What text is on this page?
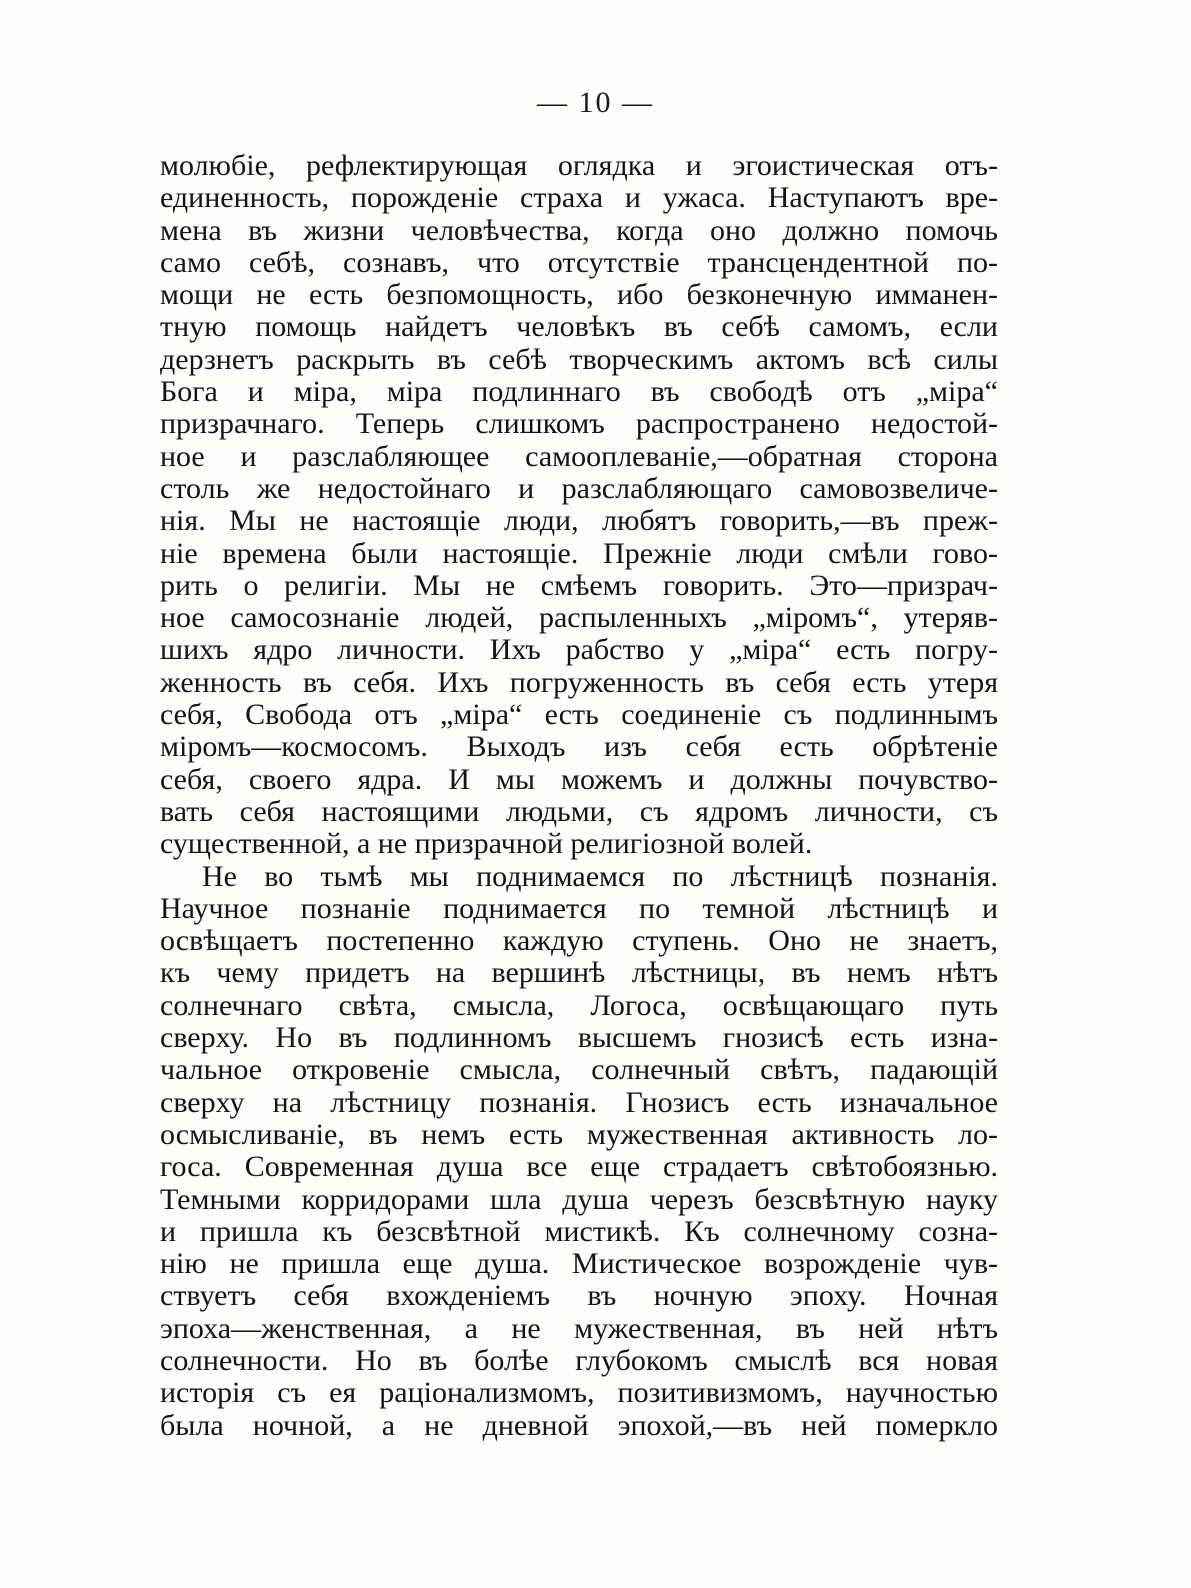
— 10 —
молюбіе, рефлектирующая оглядка и эгоистическая отъ-
единенность, порожденіе страха и ужаса. Наступаютъ вре-
мена въ жизни человѣчества, когда оно должно помочь
само себѣ, сознавъ, что отсутствіе трансцендентной по-
мощи не есть безпомощность, ибо безконечную имманен-
тную помощь найдетъ человѣкъ въ себѣ самомъ, если
дерзнетъ раскрыть въ себѣ творческимъ актомъ всѣ силы
Бога и міра, міра подлиннаго въ свободѣ отъ „міра“
призрачнаго. Теперь слишкомъ распространено недостой-
ное и разслабляющее самооплеваніе,—обратная сторона
столь же недостойнаго и разслабляющаго самовозвеличе-
нія. Мы не настоящіе люди, любятъ говорить,—въ преж-
ніе времена были настоящіе. Прежніе люди смѣли гово-
рить о религіи. Мы не смѣемъ говорить. Это—призрач-
ное самосознаніе людей, распыленныхъ „міромъ“, утеряв-
шихъ ядро личности. Ихъ рабство у „міра“ есть погру-
женность въ себя. Ихъ погруженность въ себя есть утеря
себя, Свобода отъ „міра“ есть соединеніе съ подлиннымъ
міромъ—космосомъ. Выходъ изъ себя есть обрѣтеніе
себя, своего ядра. И мы можемъ и должны почувство-
вать себя настоящими людьми, съ ядромъ личности, съ
существенной, а не призрачной религіозной волей.
Не во тьмѣ мы поднимаемся по лѣстницѣ познанія.
Научное познаніе поднимается по темной лѣстницѣ и
освѣщаетъ постепенно каждую ступень. Оно не знаетъ,
къ чему придетъ на вершинѣ лѣстницы, въ немъ нѣтъ
солнечнаго свѣта, смысла, Логоса, освѣщающаго путь
сверху. Но въ подлинномъ высшемъ гнозисѣ есть изна-
чальное откровеніе смысла, солнечный свѣтъ, падающій
сверху на лѣстницу познанія. Гнозисъ есть изначальное
осмысливаніе, въ немъ есть мужественная активность ло-
госа. Современная душа все еще страдаетъ свѣтобоязнью.
Темными корридорами шла душа черезъ безсвѣтную науку
и пришла къ безсвѣтной мистикѣ. Къ солнечному созна-
нію не пришла еще душа. Мистическое возрожденіе чув-
ствуетъ себя вхожденіемъ въ ночную эпоху. Ночная
эпоха—женственная, а не мужественная, въ ней нѣтъ
солнечности. Но въ болѣе глубокомъ смыслѣ вся новая
исторія съ ея раціонализмомъ, позитивизмомъ, научностью
была ночной, а не дневной эпохой,—въ ней померкло
